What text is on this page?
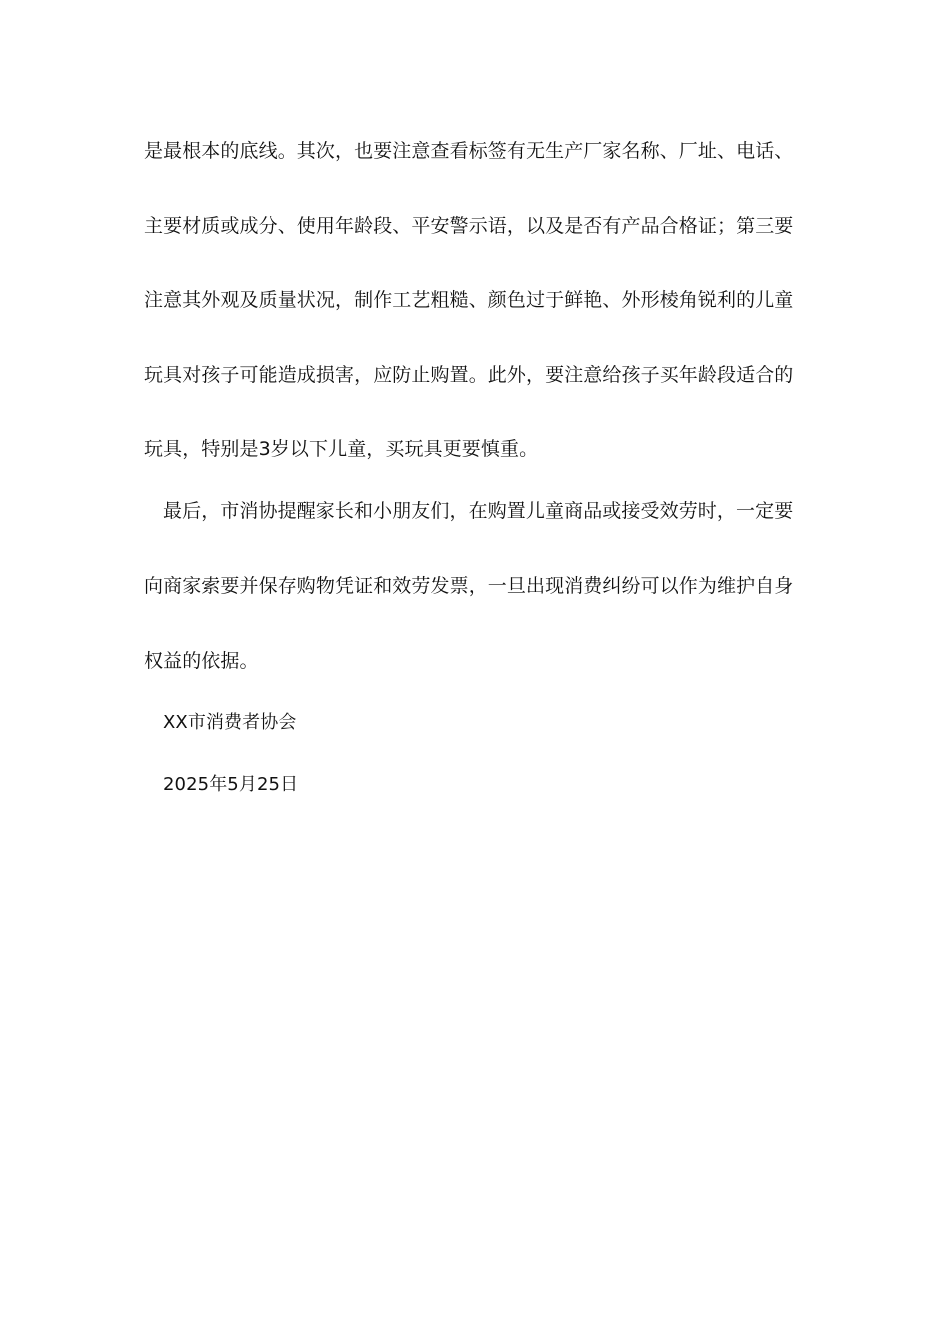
是最根本的底线。其次，也要注意查看标签有无生产厂家名称、厂址、电话、
主要材质或成分、使用年龄段、平安警示语，以及是否有产品合格证；第三要
注意其外观及质量状况，制作工艺粗糙、颜色过于鲜艳、外形棱角锐利的儿童
玩具对孩子可能造成损害，应防止购置。此外，要注意给孩子买年龄段适合的
玩具，特别是3岁以下儿童，买玩具更要慎重。
最后，市消协提醒家长和小朋友们，在购置儿童商品或接受效劳时，一定要
向商家索要并保存购物凭证和效劳发票，一旦出现消费纠纷可以作为维护自身
权益的依据。
XX市消费者协会
2025年5月25日
